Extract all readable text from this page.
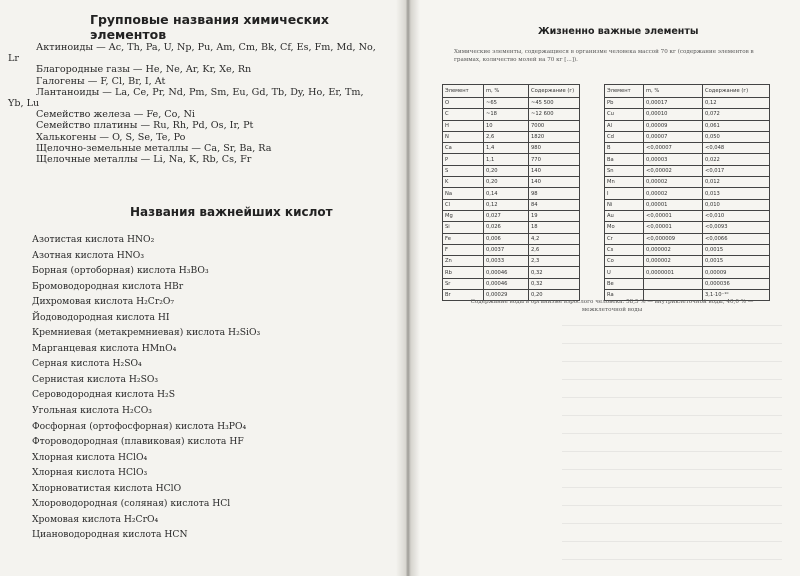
Групповые названия химических элементов
Актиноиды — Ac, Th, Pa, U, Np, Pu, Am, Cm, Bk, Cf, Es, Fm, Md, No,
Lr
Благородные газы — He, Ne, Ar, Kr, Xe, Rn
Галогены — F, Cl, Br, I, At
Лантаноиды — La, Ce, Pr, Nd, Pm, Sm, Eu, Gd, Tb, Dy, Ho, Er, Tm,
Yb, Lu
Семейство железа — Fe, Co, Ni
Семейство платины — Ru, Rh, Pd, Os, Ir, Pt
Халькогены — O, S, Se, Te, Po
Щелочно-земельные металлы — Ca, Sr, Ba, Ra
Щелочные металлы — Li, Na, K, Rb, Cs, Fr
Названия важнейших кислот
Азотистая кислота HNO₂
Азотная кислота HNO₃
Борная (ортоборная) кислота H₃BO₃
Бромоводородная кислота HBr
Дихромовая кислота H₂Cr₂O₇
Йодоводородная кислота HI
Кремниевая (метакремниевая) кислота H₂SiO₃
Марганцевая кислота HMnO₄
Серная кислота H₂SO₄
Сернистая кислота H₂SO₃
Сероводородная кислота H₂S
Угольная кислота H₂CO₃
Фосфорная (ортофосфорная) кислота H₃PO₄
Фтороводородная (плавиковая) кислота HF
Хлорная кислота HClO₄
Хлорная кислота HClO₃
Хлорноватистая кислота HClO
Хлороводородная (соляная) кислота HCl
Хромовая кислота H₂CrO₄
Циановодородная кислота HCN
Жизненно важные элементы
Химические элементы, содержащиеся в организме человека массой 70 кг (содержание элементов в граммах, количество молей на 70 кг [...]).
Элемент	m, %	Содержание (г)
O	~65	~45 500
C	~18	~12 600
H	10	7000
N	2,6	1820
Ca	1,4	980
P	1,1	770
S	0,20	140
K	0,20	140
Na	0,14	98
Cl	0,12	84
Mg	0,027	19
Si	0,026	18
Fe	0,006	4,2
F	0,0037	2,6
Zn	0,0033	2,3
Rb	0,00046	0,32
Sr	0,00046	0,32
Br	0,00029	0,20
Элемент	m, %	Содержание (г)
Pb	0,00017	0,12
Cu	0,00010	0,072
Al	0,00009	0,061
Cd	0,00007	0,050
B	<0,00007	<0,048
Ba	0,00003	0,022
Sn	<0,00002	<0,017
Mn	0,00002	0,012
I	0,00002	0,013
Ni	0,00001	0,010
Au	<0,00001	<0,010
Mo	<0,00001	<0,0093
Cr	<0,000009	<0,0066
Cs	0,000002	0,0015
Co	0,000002	0,0015
U	0,0000001	0,00009
Be		0,000036
Ra		3,1·10⁻¹⁰
Содержание воды в организме взрослого человека: 58,5 % — внутриклеточной воды, 40,0 % — межклеточной воды
